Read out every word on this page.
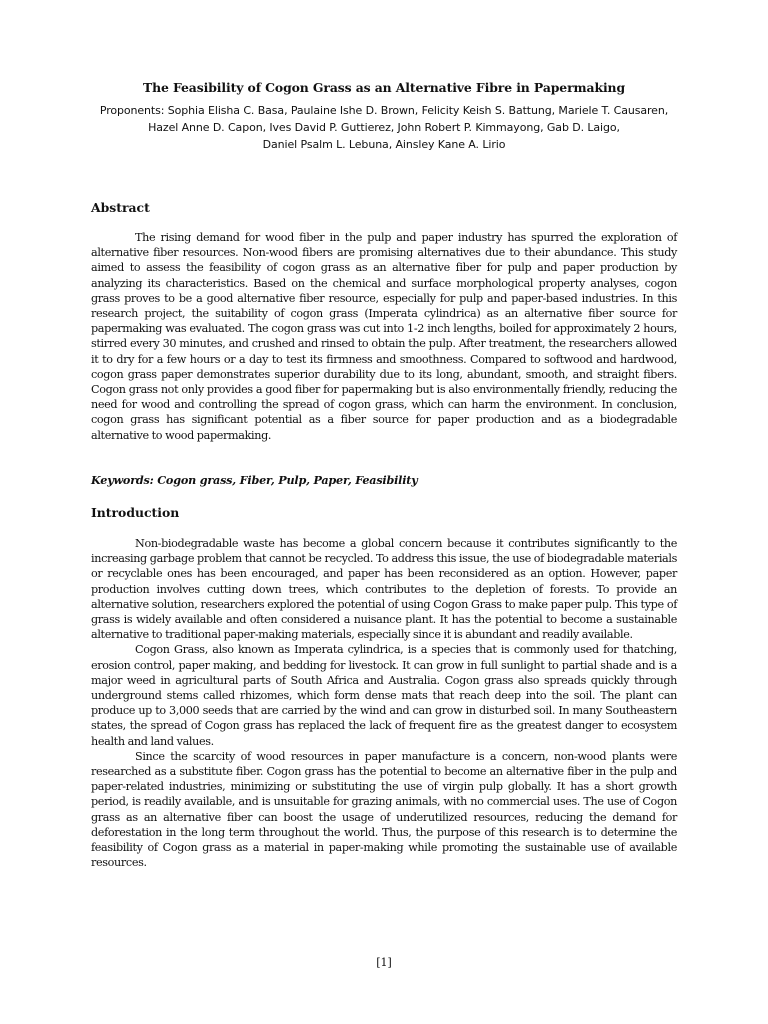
The Feasibility of Cogon Grass as an Alternative Fibre in Papermaking
Proponents: Sophia Elisha C. Basa, Paulaine Ishe D. Brown, Felicity Keish S. Battung, Mariele T. Causaren,
Hazel Anne D. Capon, Ives David P. Guttierez, John Robert P. Kimmayong, Gab D. Laigo,
Daniel Psalm L. Lebuna, Ainsley Kane A. Lirio
Abstract

The rising demand for wood fiber in the pulp and paper industry has spurred the exploration of alternative fiber resources. Non-wood fibers are promising alternatives due to their abundance. This study aimed to assess the feasibility of cogon grass as an alternative fiber for pulp and paper production by analyzing its characteristics. Based on the chemical and surface morphological property analyses, cogon grass proves to be a good alternative fiber resource, especially for pulp and paper-based industries. In this research project, the suitability of cogon grass (Imperata cylindrica) as an alternative fiber source for papermaking was evaluated. The cogon grass was cut into 1-2 inch lengths, boiled for approximately 2 hours, stirred every 30 minutes, and crushed and rinsed to obtain the pulp. After treatment, the researchers allowed it to dry for a few hours or a day to test its firmness and smoothness. Compared to softwood and hardwood, cogon grass paper demonstrates superior durability due to its long, abundant, smooth, and straight fibers. Cogon grass not only provides a good fiber for papermaking but is also environmentally friendly, reducing the need for wood and controlling the spread of cogon grass, which can harm the environment. In conclusion, cogon grass has significant potential as a fiber source for paper production and as a biodegradable alternative to wood papermaking.

Keywords: Cogon grass, Fiber, Pulp, Paper, Feasibility
Introduction

Non-biodegradable waste has become a global concern because it contributes significantly to the increasing garbage problem that cannot be recycled. To address this issue, the use of biodegradable materials or recyclable ones has been encouraged, and paper has been reconsidered as an option. However, paper production involves cutting down trees, which contributes to the depletion of forests. To provide an alternative solution, researchers explored the potential of using Cogon Grass to make paper pulp. This type of grass is widely available and often considered a nuisance plant. It has the potential to become a sustainable alternative to traditional paper-making materials, especially since it is abundant and readily available.

Cogon Grass, also known as Imperata cylindrica, is a species that is commonly used for thatching, erosion control, paper making, and bedding for livestock. It can grow in full sunlight to partial shade and is a major weed in agricultural parts of South Africa and Australia. Cogon grass also spreads quickly through underground stems called rhizomes, which form dense mats that reach deep into the soil. The plant can produce up to 3,000 seeds that are carried by the wind and can grow in disturbed soil. In many Southeastern states, the spread of Cogon grass has replaced the lack of frequent fire as the greatest danger to ecosystem health and land values.

Since the scarcity of wood resources in paper manufacture is a concern, non-wood plants were researched as a substitute fiber. Cogon grass has the potential to become an alternative fiber in the pulp and paper-related industries, minimizing or substituting the use of virgin pulp globally. It has a short growth period, is readily available, and is unsuitable for grazing animals, with no commercial uses. The use of Cogon grass as an alternative fiber can boost the usage of underutilized resources, reducing the demand for deforestation in the long term throughout the world. Thus, the purpose of this research is to determine the feasibility of Cogon grass as a material in paper-making while promoting the sustainable use of available resources.

[1]
